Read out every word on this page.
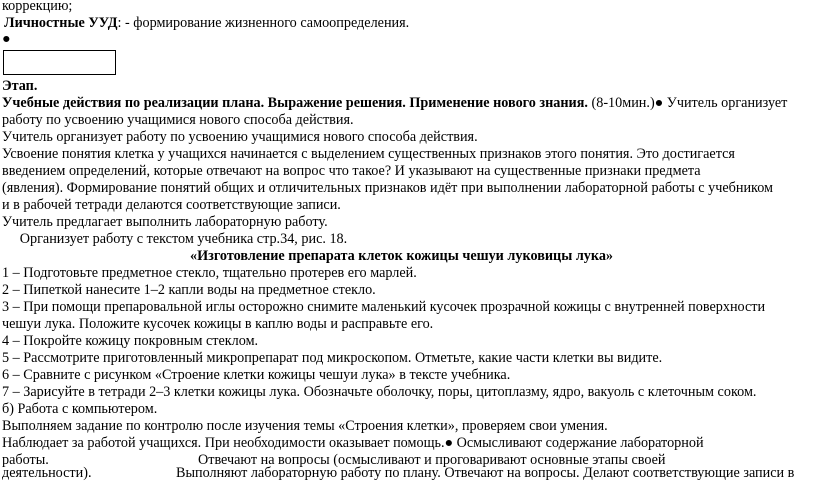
коррекцию;
Личностные УУД: - формирование жизненного самоопределения.
●
Этап.
Учебные действия по реализации плана. Выражение решения. Применение нового знания. (8-10мин.)● Учитель организует
работу по усвоению учащимися нового способа действия.
Учитель организует работу по усвоению учащимися нового способа действия.
Усвоение понятия клетка у учащихся начинается с выделением существенных признаков этого понятия. Это достигается
введением определений, которые отвечают на вопрос что такое? И указывают на существенные признаки предмета
(явления). Формирование понятий общих и отличительных признаков идёт при выполнении лабораторной работы с учебником
и в рабочей тетради делаются соответствующие записи.
Учитель предлагает выполнить лабораторную работу.
Организует работу с текстом учебника стр.34, рис. 18.
«Изготовление препарата клеток кожицы чешуи луковицы лука»
1 – Подготовьте предметное стекло, тщательно протерев его марлей.
2 – Пипеткой нанесите 1–2 капли воды на предметное стекло.
3 – При помощи препаровальной иглы осторожно снимите маленький кусочек прозрачной кожицы с внутренней поверхности
чешуи лука. Положите кусочек кожицы в каплю воды и расправьте его.
4 – Покройте кожицу покровным стеклом.
5 – Рассмотрите приготовленный микропрепарат под микроскопом. Отметьте, какие части клетки вы видите.
6 – Сравните с рисунком «Строение клетки кожицы чешуи лука» в тексте учебника.
7 – Зарисуйте в тетради 2–3 клетки кожицы лука. Обозначьте оболочку, поры, цитоплазму, ядро, вакуоль с клеточным соком.
б) Работа с компьютером.
Выполняем задание по контролю после изучения темы «Строения клетки», проверяем свои умения.
Наблюдает за работой учащихся. При необходимости оказывает помощь.● Осмысливают содержание лабораторной
работы.	Отвечают на вопросы (осмысливают и проговаривают основные этапы своей
деятельности).	Выполняют лабораторную работу по плану. Отвечают на вопросы. Делают соответствующие записи в
